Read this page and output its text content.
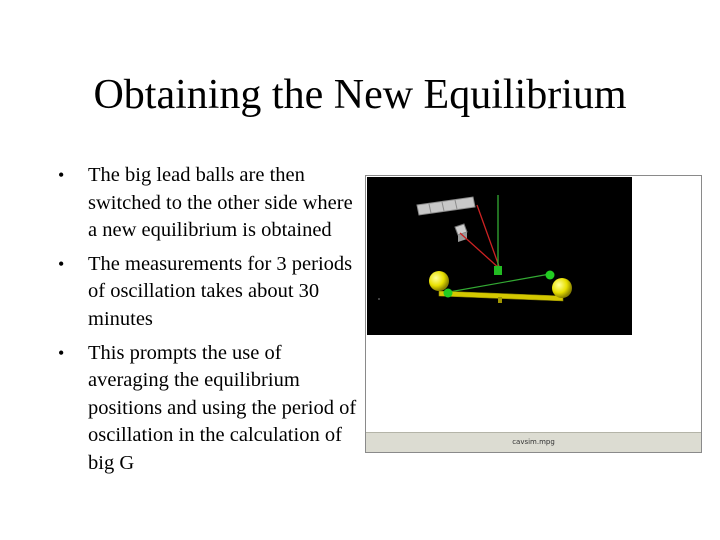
Obtaining the New Equilibrium
• The big lead balls are then switched to the other side where a new equilibrium is obtained
• The measurements for 3 periods of oscillation takes about 30 minutes
• This prompts the use of averaging the equilibrium positions and using the period of oscillation in the calculation of big G
cavsim.mpg
